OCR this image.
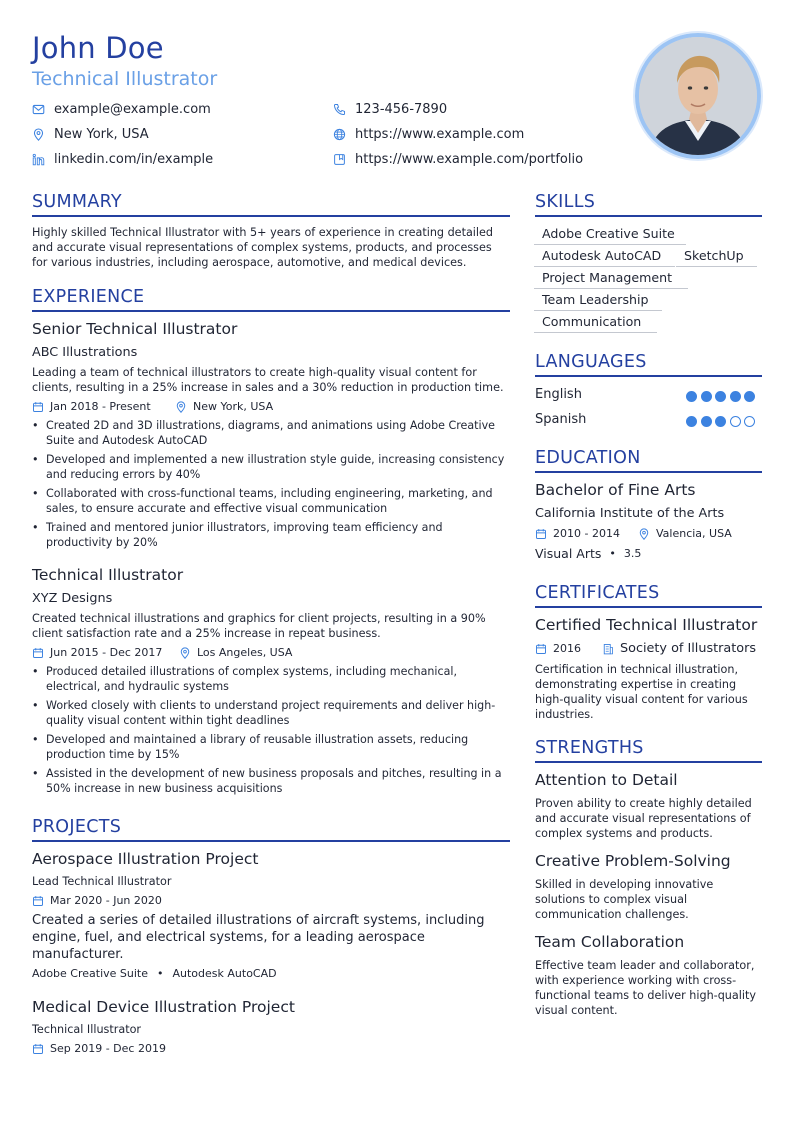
John Doe
Technical Illustrator
example@example.com	123-456-7890
New York, USA	https://www.example.com
linkedin.com/in/example	https://www.example.com/portfolio
SUMMARY
Highly skilled Technical Illustrator with 5+ years of experience in creating detailed
and accurate visual representations of complex systems, products, and processes
for various industries, including aerospace, automotive, and medical devices.
EXPERIENCE
Senior Technical Illustrator
ABC Illustrations
Leading a team of technical illustrators to create high-quality visual content for
clients, resulting in a 25% increase in sales and a 30% reduction in production time.
Jan 2018 - Present	New York, USA
• Created 2D and 3D illustrations, diagrams, and animations using Adobe Creative
Suite and Autodesk AutoCAD
• Developed and implemented a new illustration style guide, increasing consistency
and reducing errors by 40%
• Collaborated with cross-functional teams, including engineering, marketing, and
sales, to ensure accurate and effective visual communication
• Trained and mentored junior illustrators, improving team efficiency and
productivity by 20%
Technical Illustrator
XYZ Designs
Created technical illustrations and graphics for client projects, resulting in a 90%
client satisfaction rate and a 25% increase in repeat business.
Jun 2015 - Dec 2017	Los Angeles, USA
• Produced detailed illustrations of complex systems, including mechanical,
electrical, and hydraulic systems
• Worked closely with clients to understand project requirements and deliver high-
quality visual content within tight deadlines
• Developed and maintained a library of reusable illustration assets, reducing
production time by 15%
• Assisted in the development of new business proposals and pitches, resulting in a
50% increase in new business acquisitions
PROJECTS
Aerospace Illustration Project
Lead Technical Illustrator
Mar 2020 - Jun 2020
Created a series of detailed illustrations of aircraft systems, including
engine, fuel, and electrical systems, for a leading aerospace
manufacturer.
Adobe Creative Suite • Autodesk AutoCAD
Medical Device Illustration Project
Technical Illustrator
Sep 2019 - Dec 2019
SKILLS
Adobe Creative Suite
Autodesk AutoCAD	SketchUp
Project Management
Team Leadership
Communication
LANGUAGES
English
Spanish
EDUCATION
Bachelor of Fine Arts
California Institute of the Arts
2010 - 2014	Valencia, USA
Visual Arts • 3.5
CERTIFICATES
Certified Technical Illustrator
2016	Society of Illustrators
Certification in technical illustration,
demonstrating expertise in creating
high-quality visual content for various
industries.
STRENGTHS
Attention to Detail
Proven ability to create highly detailed
and accurate visual representations of
complex systems and products.
Creative Problem-Solving
Skilled in developing innovative
solutions to complex visual
communication challenges.
Team Collaboration
Effective team leader and collaborator,
with experience working with cross-
functional teams to deliver high-quality
visual content.
